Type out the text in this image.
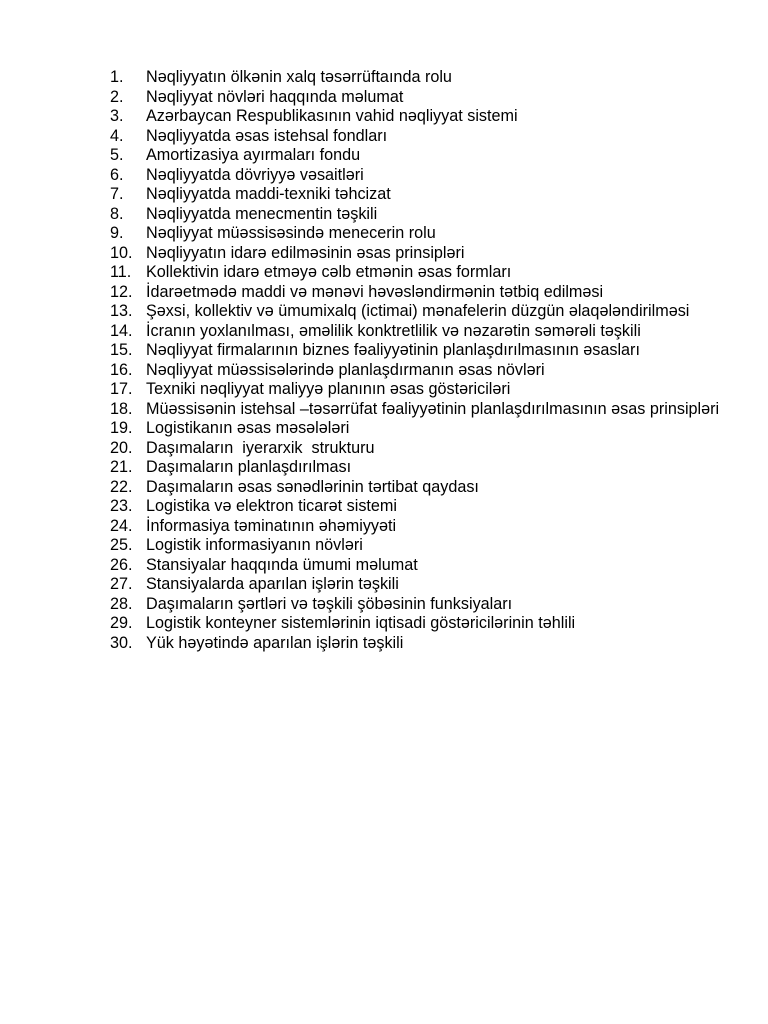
1.	Nəqliyyatın ölkənin xalq təsərrüftaında rolu
2.	Nəqliyyat növləri haqqında məlumat
3.	Azərbaycan Respublikasının vahid nəqliyyat sistemi
4.	Nəqliyyatda əsas istehsal fondları
5.	Amortizasiya ayırmaları fondu
6.	Nəqliyyatda dövriyyə vəsaitləri
7.	Nəqliyyatda maddi-texniki təhcizat
8.	Nəqliyyatda menecmentin təşkili
9.	Nəqliyyat müəssisəsində menecerin rolu
10. Nəqliyyatın idarə edilməsinin əsas prinsipləri
11. Kollektivin idarə etməyə cəlb etmənin əsas formları
12. İdarəetmədə maddi və mənəvi həvəsləndirmənin tətbiq edilməsi
13. Şəxsi, kollektiv və ümumixalq (ictimai) mənafelerin düzgün əlaqələndirilməsi
14. İcranın yoxlanılması, əməlilik konktretlilik və nəzarətin səmərəli təşkili
15. Nəqliyyat firmalarının biznes fəaliyyətinin planlaşdırılmasının əsasları
16. Nəqliyyat müəssisələrində planlaşdırmanın əsas növləri
17. Texniki nəqliyyat maliyyə planının əsas göstəriciləri
18. Müəssisənin istehsal –təsərrüfat fəaliyyətinin planlaşdırılmasının əsas prinsipləri
19. Logistikanın əsas məsələləri
20. Daşımaların  iyerarxik  strukturu
21. Daşımaların planlaşdırılması
22. Daşımaların əsas sənədlərinin tərtibat qaydası
23. Logistika və elektron ticarət sistemi
24. İnformasiya təminatının əhəmiyyəti
25. Logistik informasiyanın növləri
26. Stansiyalar haqqında ümumi məlumat
27. Stansiyalarda aparılan işlərin təşkili
28. Daşımaların şərtləri və təşkili şöbəsinin funksiyaları
29. Logistik konteyner sistemlərinin iqtisadi göstəricilərinin təhlili
30. Yük həyətində aparılan işlərin təşkili
